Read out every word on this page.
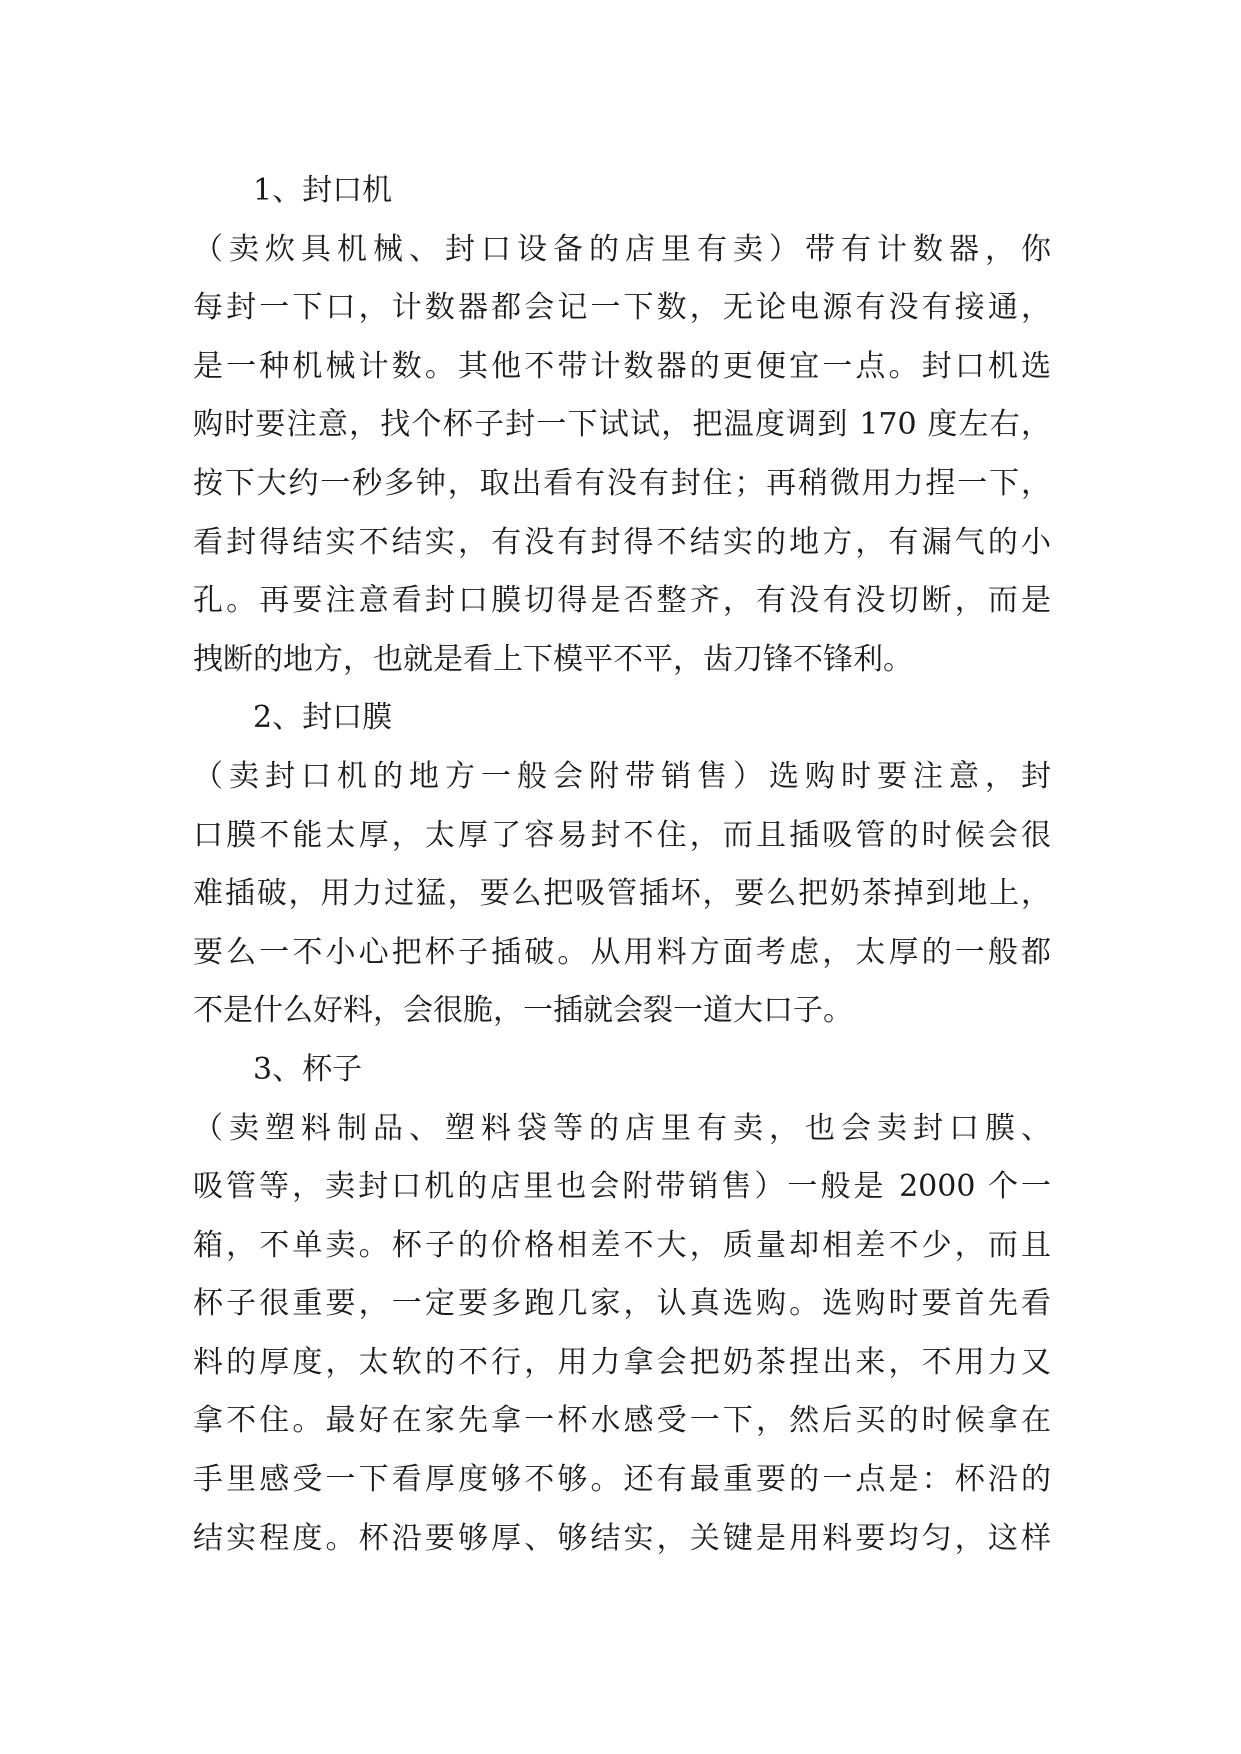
1、封口机
（卖炊具机械、封口设备的店里有卖）带有计数器，你
每封一下口，计数器都会记一下数，无论电源有没有接通，
是一种机械计数。其他不带计数器的更便宜一点。封口机选
购时要注意，找个杯子封一下试试，把温度调到 170 度左右，
按下大约一秒多钟，取出看有没有封住；再稍微用力捏一下，
看封得结实不结实，有没有封得不结实的地方，有漏气的小
孔。再要注意看封口膜切得是否整齐，有没有没切断，而是
拽断的地方，也就是看上下模平不平，齿刀锋不锋利。
2、封口膜
（卖封口机的地方一般会附带销售）选购时要注意，封
口膜不能太厚，太厚了容易封不住，而且插吸管的时候会很
难插破，用力过猛，要么把吸管插坏，要么把奶茶掉到地上，
要么一不小心把杯子插破。从用料方面考虑，太厚的一般都
不是什么好料，会很脆，一插就会裂一道大口子。
3、杯子
（卖塑料制品、塑料袋等的店里有卖，也会卖封口膜、
吸管等，卖封口机的店里也会附带销售）一般是 2000 个一
箱，不单卖。杯子的价格相差不大，质量却相差不少，而且
杯子很重要，一定要多跑几家，认真选购。选购时要首先看
料的厚度，太软的不行，用力拿会把奶茶捏出来，不用力又
拿不住。最好在家先拿一杯水感受一下，然后买的时候拿在
手里感受一下看厚度够不够。还有最重要的一点是：杯沿的
结实程度。杯沿要够厚、够结实，关键是用料要均匀，这样
